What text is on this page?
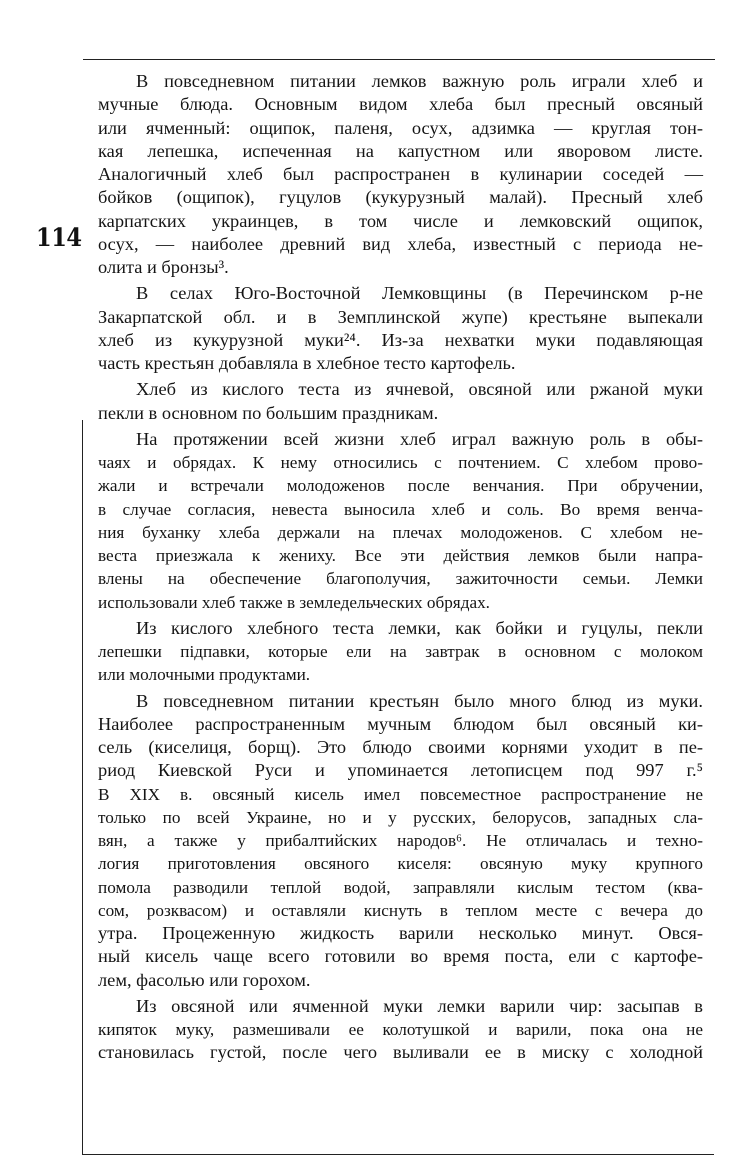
114
В повседневном питании лемков важную роль играли хлеб и
мучные блюда. Основным видом хлеба был пресный овсяный
или ячменный: ощипок, паленя, осух, адзимка — круглая тон-
кая лепешка, испеченная на капустном или яворовом листе.
Аналогичный хлеб был распространен в кулинарии соседей —
бойков (ощипок), гуцулов (кукурузный малай). Пресный хлеб
карпатских украинцев, в том числе и лемковский ощипок,
осух, — наиболее древний вид хлеба, известный с периода не-
олита и бронзы³.
В селах Юго-Восточной Лемковщины (в Перечинском р-не
Закарпатской обл. и в Земплинской жупе) крестьяне выпекали
хлеб из кукурузной муки²⁴. Из-за нехватки муки подавляющая
часть крестьян добавляла в хлебное тесто картофель.
Хлеб из кислого теста из ячневой, овсяной или ржаной муки
пекли в основном по большим праздникам.
На протяжении всей жизни хлеб играл важную роль в обы-
чаях и обрядах. К нему относились с почтением. С хлебом прово-
жали и встречали молодоженов после венчания. При обручении,
в случае согласия, невеста выносила хлеб и соль. Во время венча-
ния буханку хлеба держали на плечах молодоженов. С хлебом не-
веста приезжала к жениху. Все эти действия лемков были напра-
влены на обеспечение благополучия, зажиточности семьи. Лемки
использовали хлеб также в земледельческих обрядах.
Из кислого хлебного теста лемки, как бойки и гуцулы, пекли
лепешки пiдпавки, которые ели на завтрак в основном с молоком
или молочными продуктами.
В повседневном питании крестьян было много блюд из муки.
Наиболее распространенным мучным блюдом был овсяный ки-
сель (киселиця, борщ). Это блюдо своими корнями уходит в пе-
риод Киевской Руси и упоминается летописцем под 997 г.⁵
В XIX в. овсяный кисель имел повсеместное распространение не
только по всей Украине, но и у русских, белорусов, западных сла-
вян, а также у прибалтийских народов⁶. Не отличалась и техно-
логия приготовления овсяного киселя: овсяную муку крупного
помола разводили теплой водой, заправляли кислым тестом (ква-
сом, розквасом) и оставляли киснуть в теплом месте с вечера до
утра. Процеженную жидкость варили несколько минут. Овся-
ный кисель чаще всего готовили во время поста, ели с картофе-
лем, фасолью или горохом.
Из овсяной или ячменной муки лемки варили чир: засыпав в
кипяток муку, размешивали ее колотушкой и варили, пока она не
становилась густой, после чего выливали ее в миску с холодной
